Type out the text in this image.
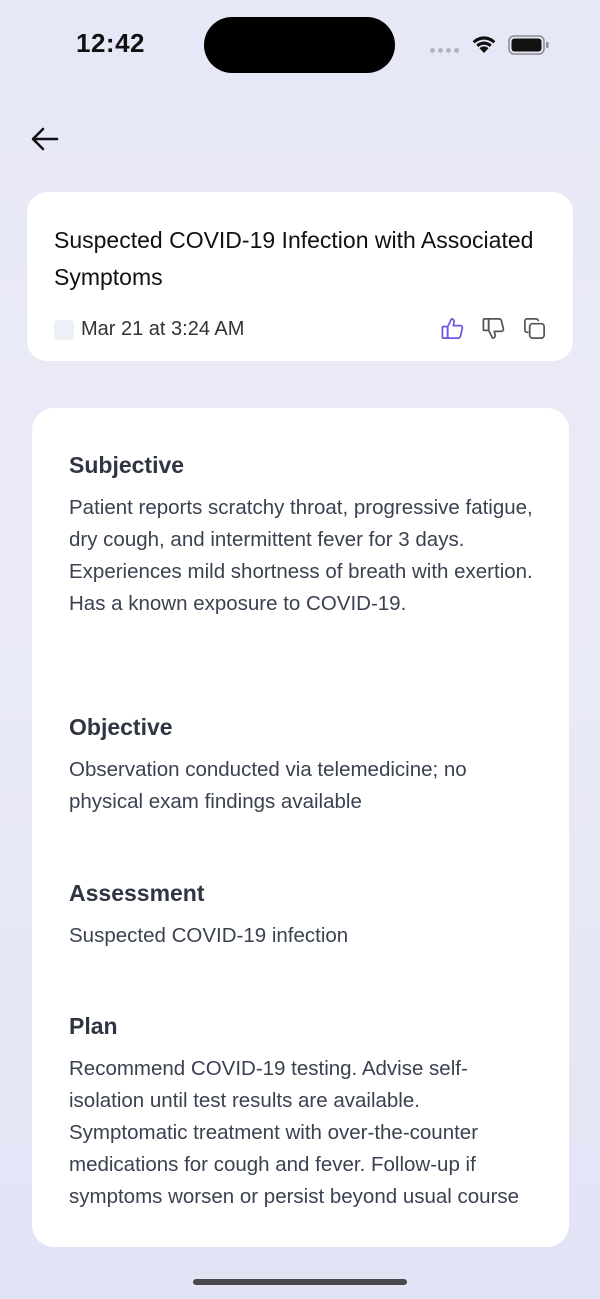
12:42
Suspected COVID-19 Infection with Associated Symptoms
Mar 21 at 3:24 AM
Subjective
Patient reports scratchy throat, progressive fatigue, dry cough, and intermittent fever for 3 days. Experiences mild shortness of breath with exertion. Has a known exposure to COVID-19.
Objective
Observation conducted via telemedicine; no physical exam findings available
Assessment
Suspected COVID-19 infection
Plan
Recommend COVID-19 testing. Advise self-isolation until test results are available. Symptomatic treatment with over-the-counter medications for cough and fever. Follow-up if symptoms worsen or persist beyond usual course
